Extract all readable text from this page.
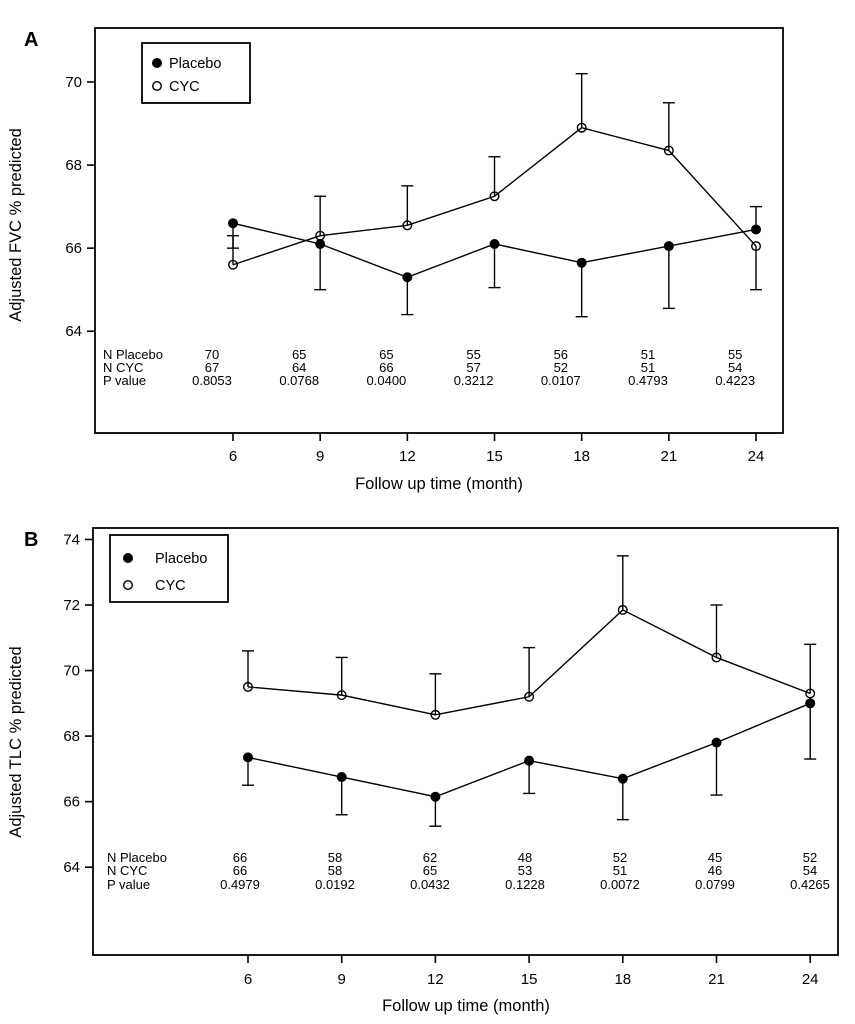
64
66
68
70
6	9	12	15	18	21	24
Follow up time (month)
Adjusted FVC % predicted
A
N Placebo	70	65	65	55	56	51	55
N CYC	67	64	66	57	52	51	54
P value	0.8053	0.0768	0.0400	0.3212	0.0107	0.4793	0.4223
Placebo
CYC
64
66
68
70
72
74
6	9	12	15	18	21	24
Follow up time (month)
Adjusted TLC % predicted
B
N Placebo	66	58	62	48	52	45	52
N CYC	66	58	65	53	51	46	54
P value	0.4979	0.0192	0.0432	0.1228	0.0072	0.0799	0.4265
Placebo
CYC
